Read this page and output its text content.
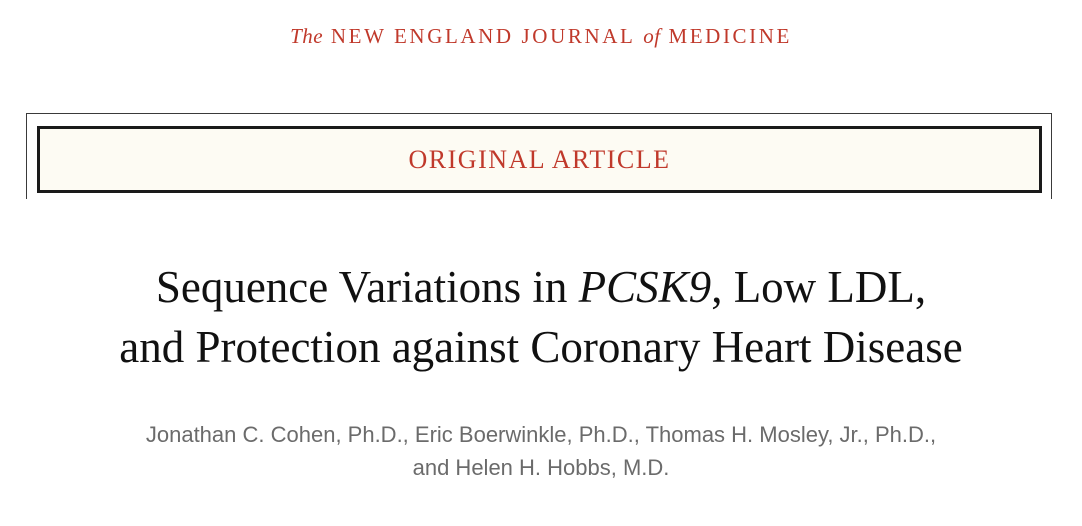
The NEW ENGLAND JOURNAL of MEDICINE
ORIGINAL ARTICLE
Sequence Variations in PCSK9, Low LDL,
and Protection against Coronary Heart Disease
Jonathan C. Cohen, Ph.D., Eric Boerwinkle, Ph.D., Thomas H. Mosley, Jr., Ph.D.,
and Helen H. Hobbs, M.D.
